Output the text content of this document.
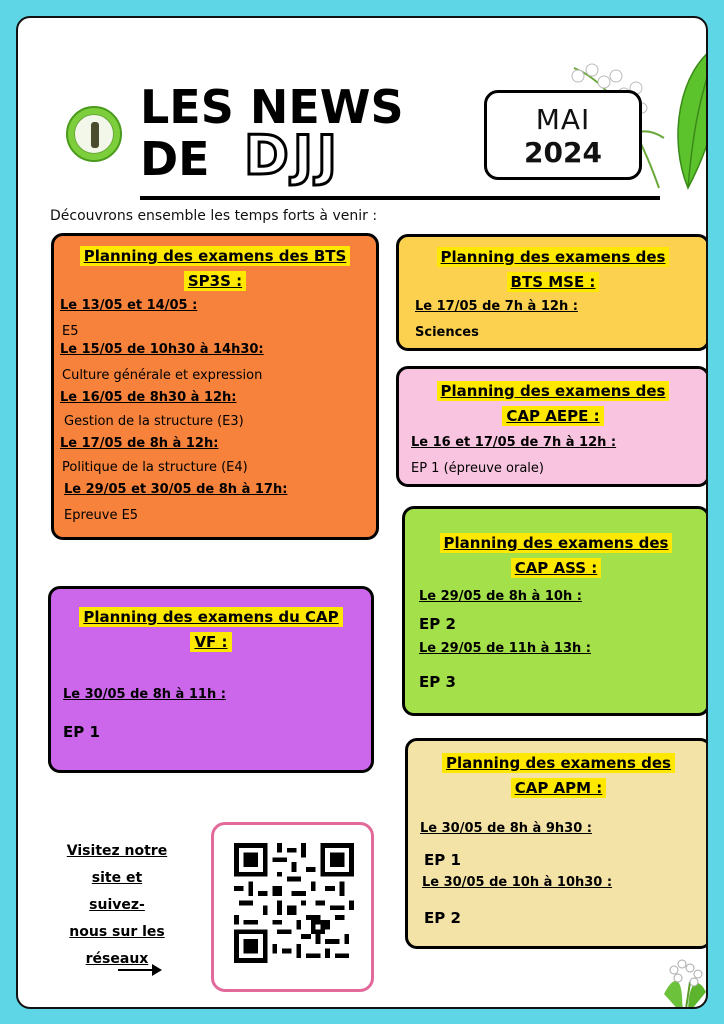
LES NEWS
DE DJJ
MAI
2024
Découvrons ensemble les temps forts à venir :
Planning des examens des BTS
SP3S :
Le 13/05 et 14/05 :
E5
Le 15/05 de 10h30 à 14h30:
Culture générale et expression
Le 16/05 de 8h30 à 12h:
Gestion de la structure (E3)
Le 17/05 de 8h à 12h:
Politique de la structure (E4)
Le 29/05 et 30/05 de 8h à 17h:
Epreuve E5
Planning des examens des
BTS MSE :
Le 17/05 de 7h à 12h :
Sciences
Planning des examens des
CAP AEPE :
Le 16 et 17/05 de 7h à 12h :
EP 1 (épreuve orale)
Planning des examens des
CAP ASS :
Le 29/05 de 8h à 10h :
EP 2
Le 29/05 de 11h à 13h :
EP 3
Planning des examens du CAP
VF :
Le 30/05 de 8h à 11h :
EP 1
Planning des examens des
CAP APM :
Le 30/05 de 8h à 9h30 :
EP 1
Le 30/05 de 10h à 10h30 :
EP 2
Visitez notre
site et suivez-
nous sur les
réseaux
